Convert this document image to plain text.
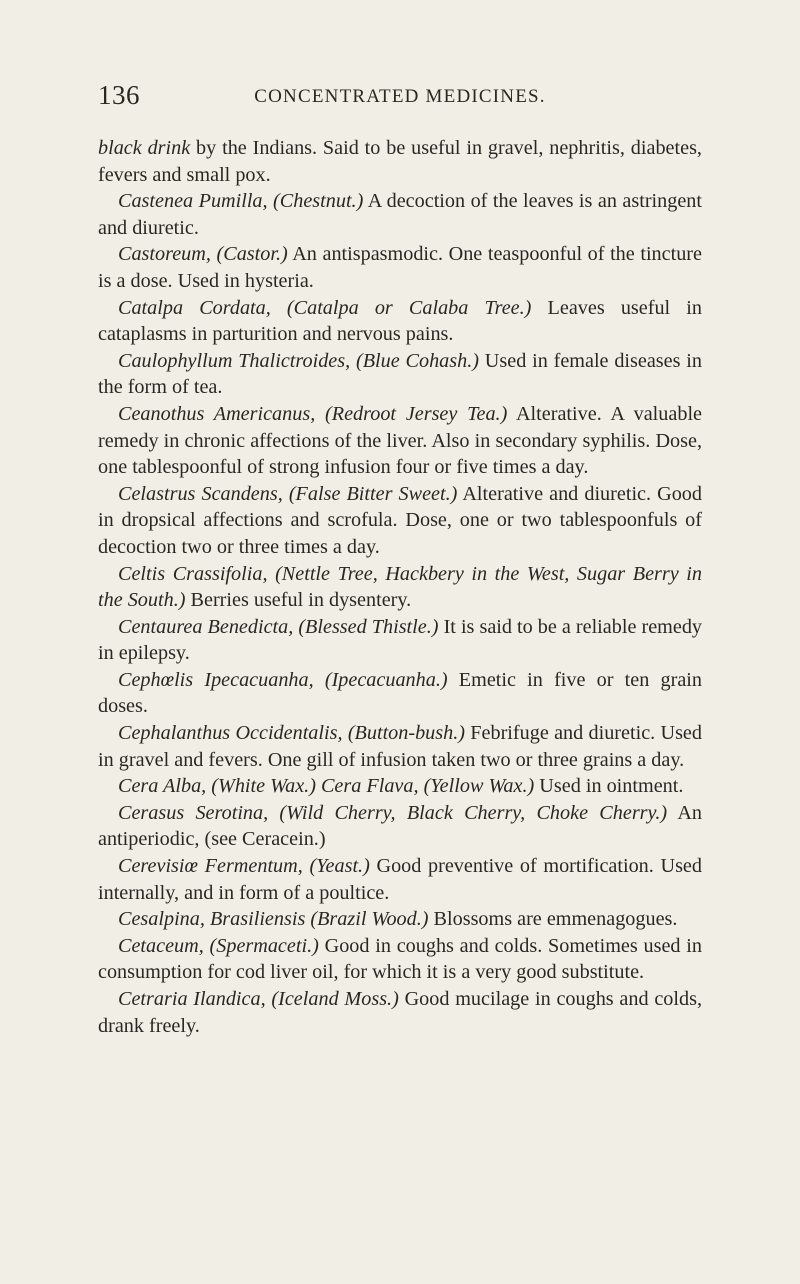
136	CONCENTRATED MEDICINES.

black drink by the Indians. Said to be useful in gravel, nephritis, diabetes, fevers and small pox.

Castenea Pumilla, (Chestnut.) A decoction of the leaves is an astringent and diuretic.

Castoreum, (Castor.) An antispasmodic. One teaspoonful of the tincture is a dose. Used in hysteria.

Catalpa Cordata, (Catalpa or Calaba Tree.) Leaves useful in cataplasms in parturition and nervous pains.

Caulophyllum Thalictroides, (Blue Cohash.) Used in female diseases in the form of tea.

Ceanothus Americanus, (Redroot Jersey Tea.) Alterative. A valuable remedy in chronic affections of the liver. Also in secondary syphilis. Dose, one tablespoonful of strong infusion four or five times a day.

Celastrus Scandens, (False Bitter Sweet.) Alterative and diuretic. Good in dropsical affections and scrofula. Dose, one or two tablespoonfuls of decoction two or three times a day.

Celtis Crassifolia, (Nettle Tree, Hackbery in the West, Sugar Berry in the South.) Berries useful in dysentery.

Centaurea Benedicta, (Blessed Thistle.) It is said to be a reliable remedy in epilepsy.

Cephœlis Ipecacuanha, (Ipecacuanha.) Emetic in five or ten grain doses.

Cephalanthus Occidentalis, (Button-bush.) Febrifuge and diuretic. Used in gravel and fevers. One gill of infusion taken two or three grains a day.

Cera Alba, (White Wax.) Cera Flava, (Yellow Wax.) Used in ointment.

Cerasus Serotina, (Wild Cherry, Black Cherry, Choke Cherry.) An antiperiodic, (see Ceracein.)

Cerevisiœ Fermentum, (Yeast.) Good preventive of mortification. Used internally, and in form of a poultice.

Cesalpina, Brasiliensis (Brazil Wood.) Blossoms are emmenagogues.

Cetaceum, (Spermaceti.) Good in coughs and colds. Sometimes used in consumption for cod liver oil, for which it is a very good substitute.

Cetraria Ilandica, (Iceland Moss.) Good mucilage in coughs and colds, drank freely.
